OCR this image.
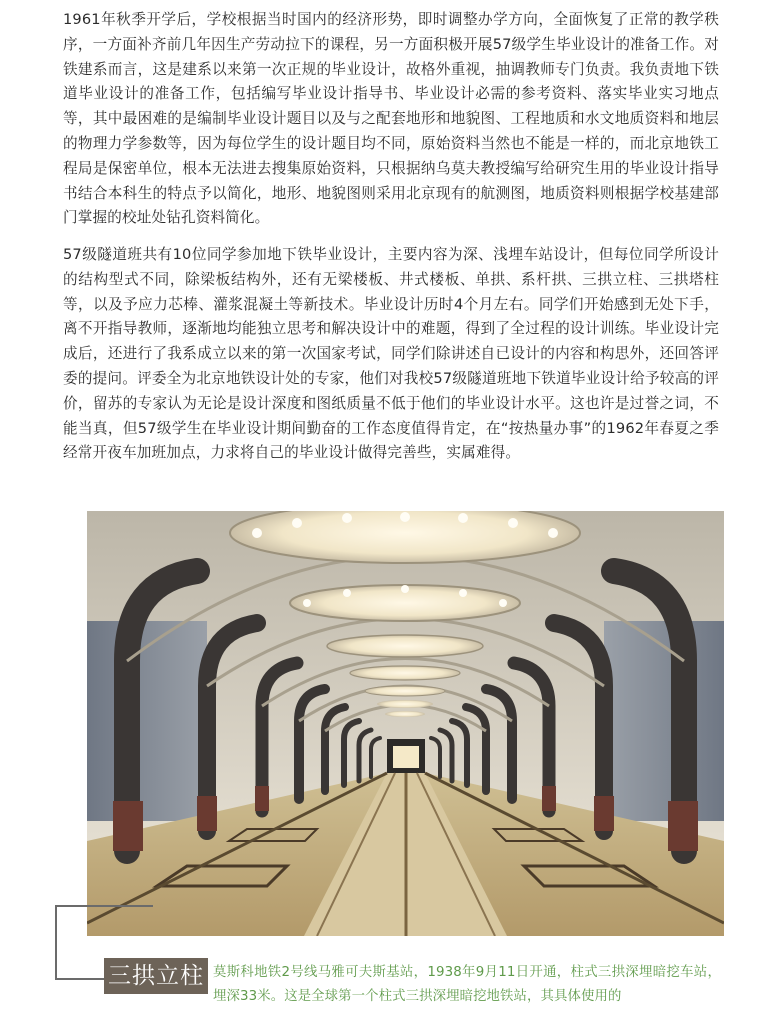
1961年秋季开学后，学校根据当时国内的经济形势，即时调整办学方向，全面恢复了正常的教学秩序，一方面补齐前几年因生产劳动拉下的课程，另一方面积极开展57级学生毕业设计的准备工作。对铁建系而言，这是建系以来第一次正规的毕业设计，故格外重视，抽调教师专门负责。我负责地下铁道毕业设计的准备工作，包括编写毕业设计指导书、毕业设计必需的参考资料、落实毕业实习地点等，其中最困难的是编制毕业设计题目以及与之配套地形和地貌图、工程地质和水文地质资料和地层的物理力学参数等，因为每位学生的设计题目均不同，原始资料当然也不能是一样的，而北京地铁工程局是保密单位，根本无法进去搜集原始资料，只根据纳乌莫夫教授编写给研究生用的毕业设计指导书结合本科生的特点予以简化，地形、地貌图则采用北京现有的航测图，地质资料则根据学校基建部门掌握的校址处钻孔资料简化。

57级隧道班共有10位同学参加地下铁毕业设计，主要内容为深、浅埋车站设计，但每位同学所设计的结构型式不同，除梁板结构外，还有无梁楼板、井式楼板、单拱、系杆拱、三拱立柱、三拱塔柱等，以及予应力芯棒、灌浆混凝土等新技术。毕业设计历时4个月左右。同学们开始感到无处下手，离不开指导教师，逐渐地均能独立思考和解决设计中的难题，得到了全过程的设计训练。毕业设计完成后，还进行了我系成立以来的第一次国家考试，同学们除讲述自已设计的内容和构思外，还回答评委的提问。评委全为北京地铁设计处的专家，他们对我校57级隧道班地下铁道毕业设计给予较高的评价，留苏的专家认为无论是设计深度和图纸质量不低于他们的毕业设计水平。这也许是过誉之词，不能当真，但57级学生在毕业设计期间勤奋的工作态度值得肯定，在“按热量办事”的1962年春夏之季经常开夜车加班加点，力求将自己的毕业设计做得完善些，实属难得。

三拱立柱 莫斯科地铁2号线马雅可夫斯基站，1938年9月11日开通，柱式三拱深埋暗挖车站，埋深33米。这是全球第一个柱式三拱深埋暗挖地铁站，其具体使用的
